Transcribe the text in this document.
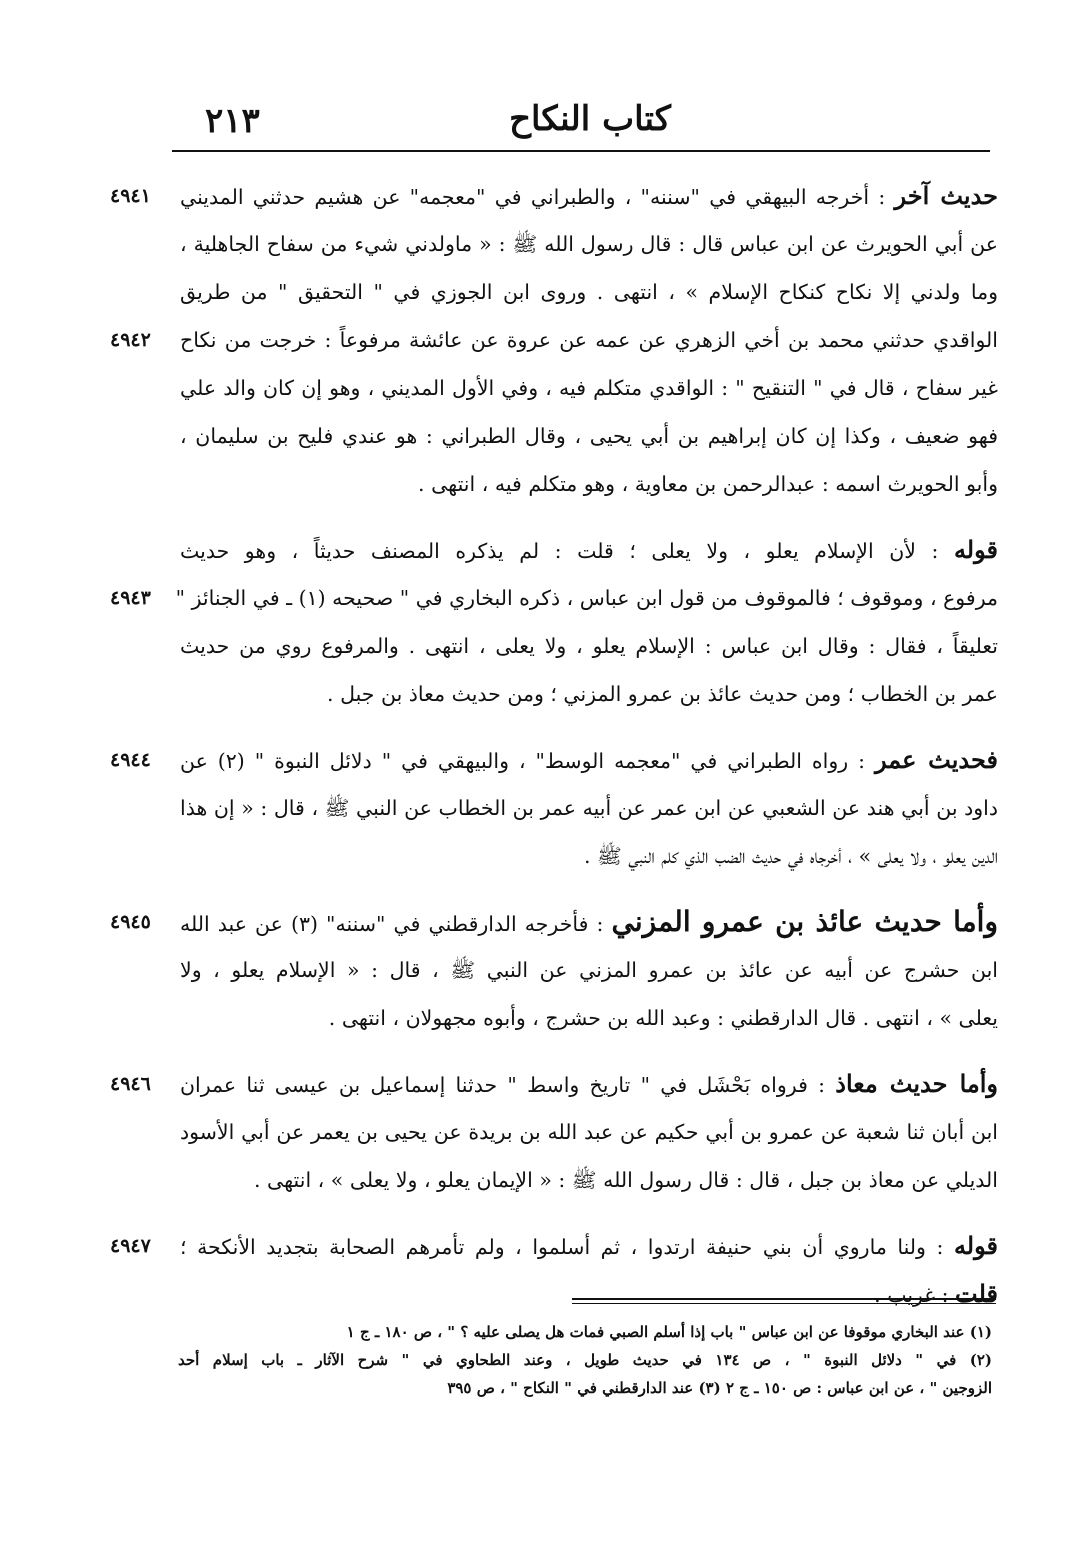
٢١٣	كتاب النكاح
حديث آخر : أخرجه البيهقي في "سننه" ، والطبراني في "معجمه" عن هشيم حدثني المديني
٤٩٤١
عن أبي الحويرث عن ابن عباس قال : قال رسول الله ﷺ : « ماولدني شيء من سفاح الجاهلية ،
وما ولدني إلا نكاح كنكاح الإسلام » ، انتهى . وروى ابن الجوزي في " التحقيق " من طريق
الواقدي حدثني محمد بن أخي الزهري عن عمه عن عروة عن عائشة مرفوعاً : خرجت من نكاح
٤٩٤٢
غير سفاح ، قال في " التنقيح " : الواقدي متكلم فيه ، وفي الأول المديني ، وهو إن كان والد علي
فهو ضعيف ، وكذا إن كان إبراهيم بن أبي يحيى ، وقال الطبراني : هو عندي فليح بن سليمان ،
وأبو الحويرث اسمه : عبدالرحمن بن معاوية ، وهو متكلم فيه ، انتهى .
قوله : لأن الإسلام يعلو ، ولا يعلى ؛ قلت : لم يذكره المصنف حديثاً ، وهو حديث
مرفوع ، وموقوف ؛ فالموقوف من قول ابن عباس ، ذكره البخاري في " صحيحه (١) ـ في الجنائز "
٤٩٤٣
تعليقاً ، فقال : وقال ابن عباس : الإسلام يعلو ، ولا يعلى ، انتهى . والمرفوع روي من حديث
عمر بن الخطاب ؛ ومن حديث عائذ بن عمرو المزني ؛ ومن حديث معاذ بن جبل .
فحديث عمر : رواه الطبراني في "معجمه الوسط" ، والبيهقي في " دلائل النبوة " (٢) عن
٤٩٤٤
داود بن أبي هند عن الشعبي عن ابن عمر عن أبيه عمر بن الخطاب عن النبي ﷺ ، قال : « إن هذا
الدين يعلو ، ولا يعلى » ، أخرجاه في حديث الضب الذي كلم النبي ﷺ .
وأما حديث عائذ بن عمرو المزني : فأخرجه الدارقطني في "سننه" (٣) عن عبد الله
٤٩٤٥
ابن حشرج عن أبيه عن عائذ بن عمرو المزني عن النبي ﷺ ، قال : « الإسلام يعلو ، ولا
يعلى » ، انتهى . قال الدارقطني : وعبد الله بن حشرج ، وأبوه مجهولان ، انتهى .
وأما حديث معاذ : فرواه بَحْشَل في " تاريخ واسط " حدثنا إسماعيل بن عيسى ثنا عمران
٤٩٤٦
ابن أبان ثنا شعبة عن عمرو بن أبي حكيم عن عبد الله بن بريدة عن يحيى بن يعمر عن أبي الأسود
الديلي عن معاذ بن جبل ، قال : قال رسول الله ﷺ : « الإيمان يعلو ، ولا يعلى » ، انتهى .
قوله : ولنا ماروي أن بني حنيفة ارتدوا ، ثم أسلموا ، ولم تأمرهم الصحابة بتجديد الأنكحة ؛
٤٩٤٧
قلت : غريب .
(١) عند البخاري موقوفا عن ابن عباس " باب إذا أسلم الصبي فمات هل يصلى عليه ؟ " ، ص ١٨٠ ـ ج ١
(٢) في " دلائل النبوة " ، ص ١٣٤ في حديث طويل ، وعند الطحاوي في " شرح الآثار ـ باب إسلام أحد
الزوجين " ، عن ابن عباس : ص ١٥٠ ـ ج ٢ (٣) عند الدارقطني في " النكاح " ، ص ٣٩٥
